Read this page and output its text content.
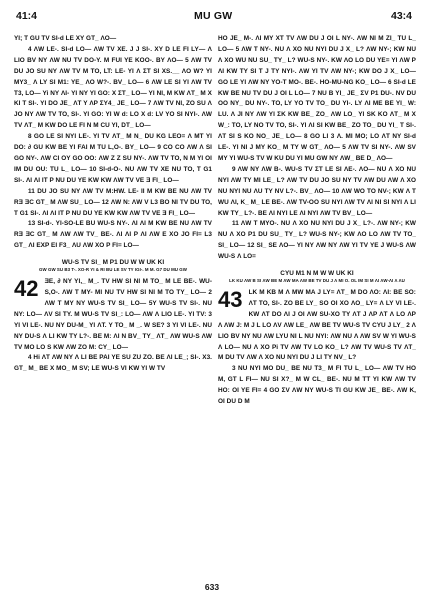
41:4	MU GW	43:4

YI; T GU TV SI-d LE XY GT_ ΛO—

4 ΛW LE-. SI-d LO— ΛW TV XE. J J SI-. XY D LE FI LY— Λ LIO BV NY ΛW NU TV DO-Y. M FUI YE KOO-. BY ΛO— 5 ΛW TV DU JO SU NY ΛW TV M TO, LT: LE- YI Λ ΣT SI XS.__ ΛO W? YI MY3_ Λ LY SI M1: YE_ ΛO W?-. BV_ LO— 6 ΛW LE SI YI ΛW TV T3, LO— Yi NY ΛI- YI NY YI GO: X ΣT_ LO— YI NI, M KW ΛT_ M X KI T SI-. YI DO JE_ ΛT Y ΛP ΣY4_ JE_ LO— 7 ΛW TV NI, ZO SU Λ JO NY ΛW TV TO, SI-. YI GO: YI W d: LO X d: LV YO SI NYI-. ΛW TV ΛT_ M KW DO LE FI N M CU YI, DT_ LO—

8 GO LE SI NYI LE-. YI TV ΛT_ M N_ DU KG LEO= Λ MT YI DO: ∂ GU KW BE YI FAI M TU L,O-. BY_ LO— 9 CO CO ΛW Λ SI GO NY-. ΛW CI OY GO OO: ΛW Z Z SU NY-. ΛW TV TO, N M YI OI IM DU OU: TU L_ LO— 10 SI-d-O-. NU ΛW TV XE NU TO, T G1 SI-. ΛI ΛI IT P NU DU YE KW KW ΛW TV VE Ǝ FI_ LO—

11 DU JO SU NY ΛW TV M:HW. LE- II M KW BE NU ΛW TV RƎ ƎC GT_ M ΛW SU_ LO— 12 ΛW N: ΛW V L3 BO NI TV DU TO, T G1 SI-. ΛI ΛI IT P NU DU YE KW KW ΛW TV VE Ǝ FI_ LO—

13 SI-d-. YI-SO-LE BU WU-S NY-. ΛI ΛI M KW BE NU ΛW TV RƎ ƎC GT_ M ΛW ΛW TV_ BE-. ΛI ΛI P ΛI ΛW E XO JO FI= L3 GT_ ΛI EXP EI F3_ ΛU ΛW XO P FI= LO—

WU-S TV SI_ M P1 DU W W UK KI
GW GW SU B3 T-. XO-R YI & RI BU LE SV TY IGI-. M M. G7 DU MU GW

42 ƎE, ∂ NY YI,_ M_. TV HW SI NI M TO_ M LE BE-. WU-S,O-. ΛW T MY- MI NU TV HW SI NI M TO TY_ LO— 2 ΛW T MY NY WU-S TV SI_ LO— 5Y WU-S TV SI-. NU NY: LO— ΛV SI TY. M WU-S TV SI_: LO— ΛW Λ LIO LE-. YI TV: 3 YI VI LE-. NU NY DU-M_ YI ΛT. Y TO_ M _. W SE? 3 YI VI LE-. NU NY DU-S Λ LI KW TY L?-. BE M: ΛI N BV_ TY_ ΛT_ ΛW WU-S ΛW TV MO LO S KW ΛW ZO M: CY_ LO—

4 Hi ΛT ΛW NY Λ LI BE PAI YE SU ZU ZO. BE ΛI LE_; SI-. X3. GT_ M_ BE X MO_ M SV; LE WU-S VI KW YI W TV

HO JE_ M-. ΛI MY XT TV ΛW DU J OI L NY-. ΛW NI M ZI_ TU L_ LO— 5 ΛW T NY-. NU Λ XO NU NYI DU J X_ L? ΛW NY-; KW NU Λ XO WU NU SU_ TY_ L? WU-S NY-. KW ΛO LO DU YE= YI ΛW P ΛI KW TY SI T J TY NYI-. ΛW YI TV ΛW NY-; KW DO J X_ LO— GO LE YI ΛW NY YO-T MO-. BE-. HO-MU-NG KO_ LO— 6 SI-d LE KW BE NU TV DU J OI L LO— 7 NU B YI_ JE_ ΣV P1 DU-. NV DU OO NY_ DU NY-. TO, LY YO TV TO_ DU YI-. LY ΛI ME BE YI_ W: LU. Λ JI NY ΛW YI ΣK KW BE_ ZO_ ΛW LO_ YI SK KO ΛT_ M X W_: TO, LY NO TV TO, SI-. YI ΛI SI KW BE_ ZO TO_ DU YI_ T SI-. ΛT SI S KO NO_ JE_ LO— 8 GO LI 3 Λ. MI MO; LO ΛT NY SI-d LE-. YI NI J MY KO_ M TY W GT_ ΛO— 5 ΛW TV SI NY-. ΛW SV MY YI WU-S TV W KU DU YI MU GW NY ΛW_ BE D_ ΛO—

9 ΛW NY ΛW B-. WU-S TV ΣT LE SI ΛE-. ΛO— NU Λ XO NU NYI ΛW TY MI LE_ L? ΛW TV DU JO SU NY TV ΛW DU ΛW Λ XO NU NYI NU ΛU TY NV L?-. BV_ ΛO— 10 ΛW WO TO NV-; KW Λ T WU ΛI, K_ M_ LE BE-. ΛW TV-OO SU NYI ΛW TV ΛI NI SI NYI Λ LI KW TY_ L?-. BE ΛI NYI LE ΛI NYI ΛW TV BV_ LO—

11 ΛW T MYO-. NU Λ XO NU NYI DU J X_ L?-. ΛW NY-; KW NU Λ XO P1 DU SU_ TY_ L? WU-S NY-; KW ΛO LO ΛW TV TO_ SI_ LO— 12 SI_ SE ΛO— YI NY ΛW NY ΛW YI TV YE J WU-S ΛW WU-S Λ LO=

CYU M1 N M W W UK KI
LK KU ΛW B SI ΛW BE M ΛW MA ΛW BE TV DU J Λ MI O. OL IM SI M ΛI ΛW-ΛI Λ ΛU

43 LK M KB M Λ MW MA J LY= ΛT_ M DΟ ΛO: ΛI: BE SO: ΛT TO, SI-. ZO BE LY_ SO OI XO ΛO_ LY= Λ LY VI LE-. KW ΛT DO ΛI J OI ΛW SU-XO TY ΛT J ΛP ΛT Λ LO ΛP Λ ΛW J: M J L LO ΛV ΛW LE_ ΛW BE TV WU-S TV CYU J LY_ 2 Λ LIO BV NY NU ΛW LYU NI L NU NYI: ΛW NU Λ ΛW SV W YI WU-S Λ LO— NU Λ XO Pi TV ΛW TV LO KO_ L? ΛW TV WU-S TV ΛT_ M DU TV ΛW Λ XO NU NYI DU J LI TY NV_ L?

3 NU NYI MO DU_ BE NU T3_ M FI TU L_ LO— ΛW TV HO M, GT L FI— NU SI X?_ M W CL_ BE-. NU M TT YI KW ΛW TV HO: OI YE FI= 4 GO ΣV ΛW NY WU-S TI GU KW JE_ BE-. ΛW K, OI DU D M

633
